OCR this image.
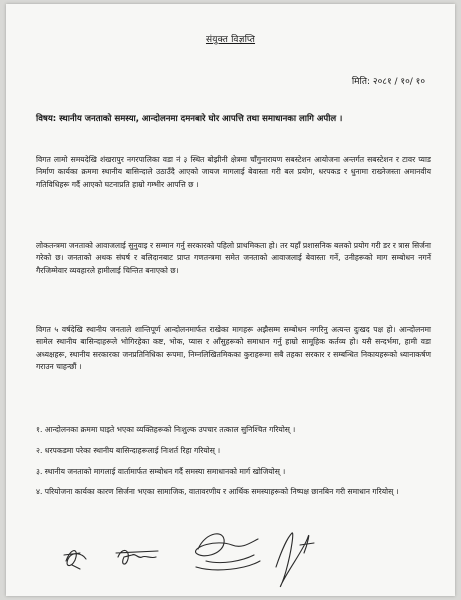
संयुक्त विज्ञप्ति
मिति: २०८१ / १०/ १०
विषय: स्थानीय जनताको समस्या, आन्दोलनमा दमनबारे घोर आपत्ति तथा समाधानका लागि अपील ।
विगत लामो समयदेखि शंखरापुर नगरपालिका वडा नं ३ स्थित बोझीनी क्षेत्रमा चाँगुनारायण सबस्टेशन आयोजना अन्तर्गत सबस्टेशन र टावर प्याड निर्माण कार्यका क्रममा स्थानीय बासिन्दाले उठाउँदै आएको जायज मागलाई बेवास्ता गरी बल प्रयोग, धरपकड र धुनामा राख्नेजस्ता अमानवीय गतिविधिहरू गर्दै आएको घटनाप्रति हाम्रो गम्भीर आपत्ति छ ।
लोकतन्त्रमा जनताको आवाजलाई सुनुवाइ र सम्मान गर्नु सरकारको पहिलो प्राथमिकता हो। तर यहाँ प्रशासनिक बलको प्रयोग गरी डर र त्रास सिर्जना गरेको छ। जनताको अथक संघर्ष र बलिदानबाट प्राप्त गणतन्त्रमा समेत जनताको आवाजलाई बेवास्ता गर्ने, उनीहरूको माग सम्बोधन नगर्ने गैरजिम्मेवार व्यवहारले हामीलाई चिन्तित बनाएको छ।
विगत ५ वर्षदेखि स्थानीय जनताले शान्तिपूर्ण आन्दोलनमार्फत राखेका मागहरू अझैसम्म सम्बोधन नगरिनु अत्यन्त दुःखद पक्ष हो। आन्दोलनमा सामेल स्थानीय बासिन्दाहरूले भोगिरहेका कष्ट, भोक, प्यास र आँसुहरूको समाधान गर्नु हाम्रो सामूहिक कर्तव्य हो। यसै सन्दर्भमा, हामी वडा अध्यक्षहरू, स्थानीय सरकारका जनप्रतिनिधिका रूपमा, निम्नलिखितमिकका कुराहरूमा सबै तहका सरकार र सम्बन्धित निकायहरूको ध्यानाकर्षण गराउन चाहन्छौं ।
१. आन्दोलनका क्रममा घाइते भएका व्यक्तिहरूको निःशुल्क उपचार तत्काल सुनिश्चित गरियोस् ।
२. धरपकडमा परेका स्थानीय बासिन्दाहरूलाई निःशर्त रिहा गरियोस् ।
३. स्थानीय जनताको मागलाई वार्तामार्फत सम्बोधन गर्दै समस्या समाधानको मार्ग खोजियोस् ।
४. परियोजना कार्यका कारण सिर्जना भएका सामाजिक, वातावरणीय र आर्थिक समस्याहरूको निष्पक्ष छानबिन गरी समाधान गरियोस् ।
